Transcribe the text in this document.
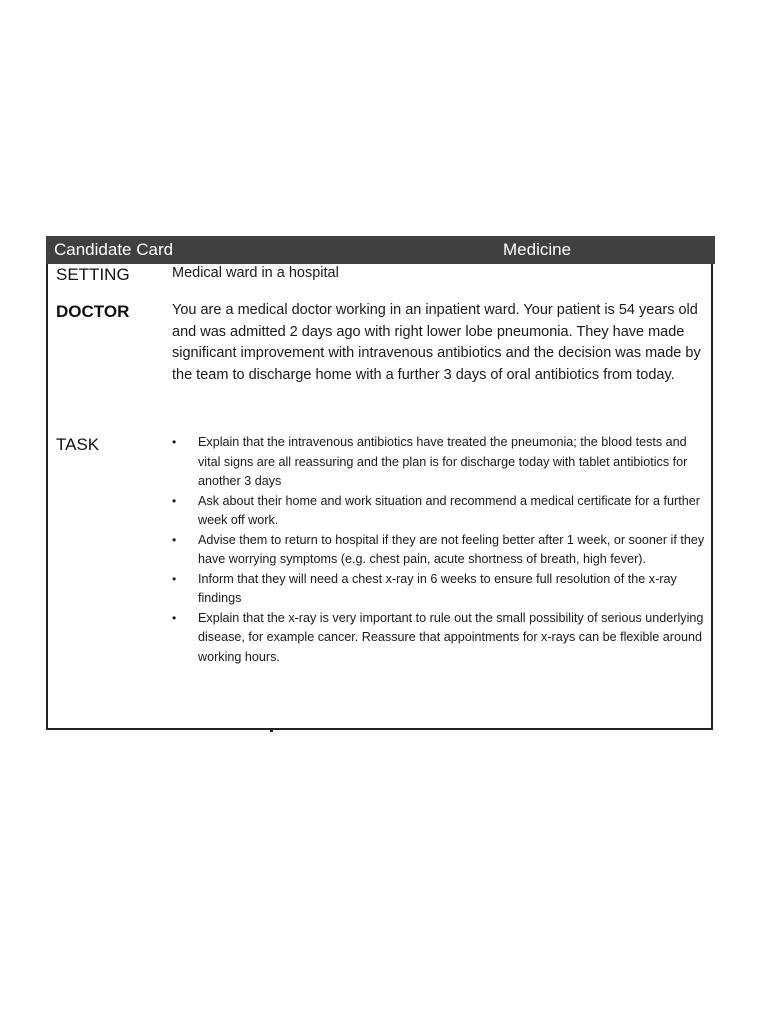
Candidate Card	Medicine
SETTING	Medical ward in a hospital
DOCTOR	You are a medical doctor working in an inpatient ward. Your patient is 54 years old and was admitted 2 days ago with right lower lobe pneumonia. They have made significant improvement with intravenous antibiotics and the decision was made by the team to discharge home with a further 3 days of oral antibiotics from today.
TASK	• Explain that the intravenous antibiotics have treated the pneumonia; the blood tests and vital signs are all reassuring and the plan is for discharge today with tablet antibiotics for another 3 days
• Ask about their home and work situation and recommend a medical certificate for a further week off work.
• Advise them to return to hospital if they are not feeling better after 1 week, or sooner if they have worrying symptoms (e.g. chest pain, acute shortness of breath, high fever).
• Inform that they will need a chest x-ray in 6 weeks to ensure full resolution of the x-ray findings
• Explain that the x-ray is very important to rule out the small possibility of serious underlying disease, for example cancer. Reassure that appointments for x-rays can be flexible around working hours.
